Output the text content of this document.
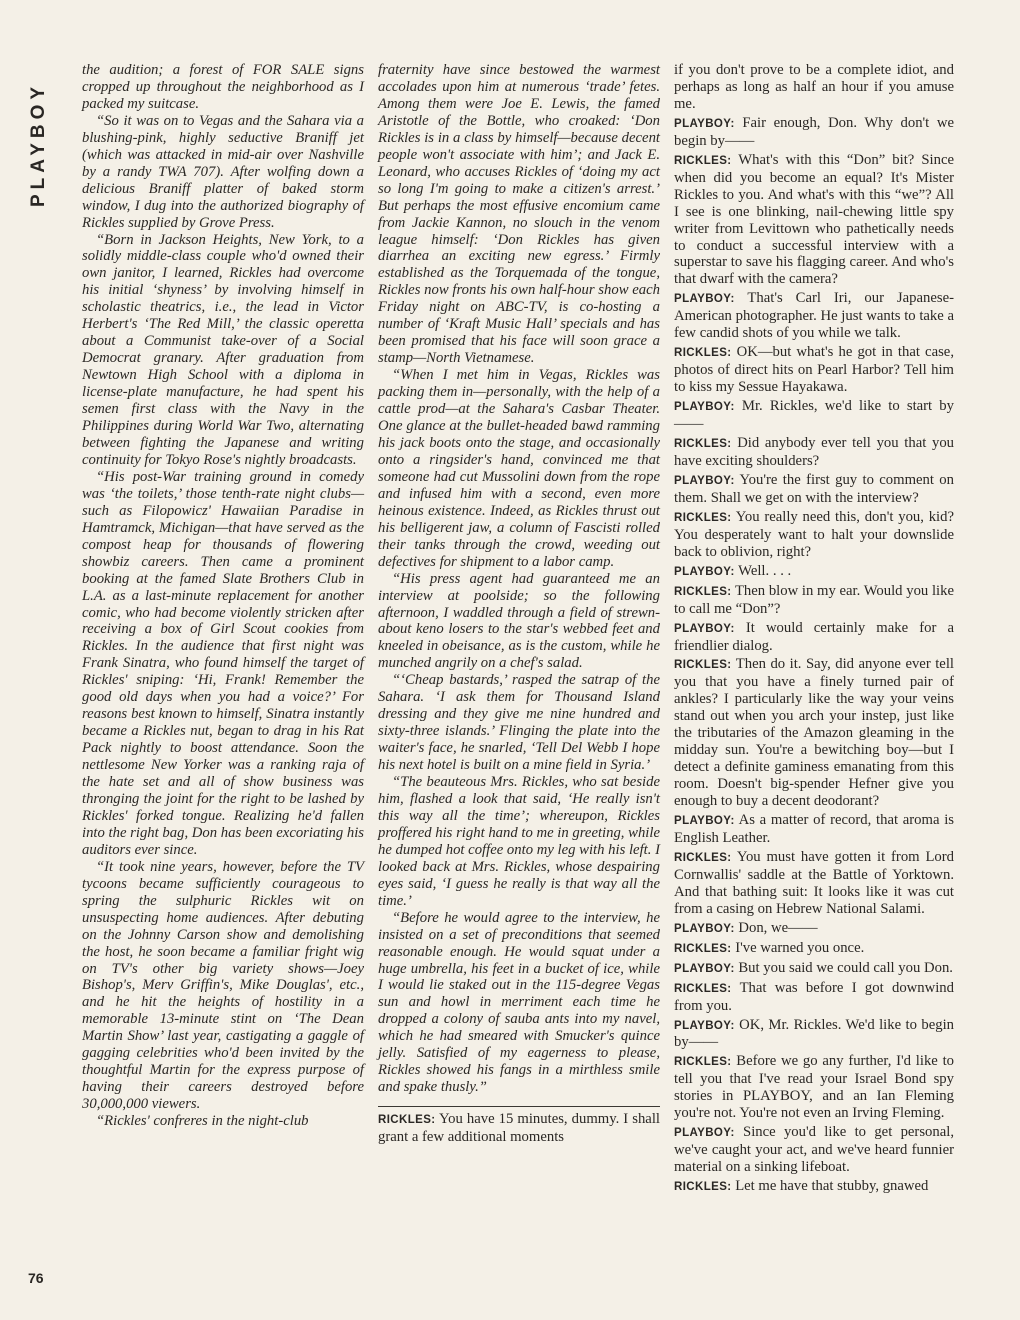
PLAYBOY

the audition; a forest of FOR SALE signs cropped up throughout the neighborhood as I packed my suitcase.

“So it was on to Vegas and the Sahara via a blushing-pink, highly seductive Braniff jet (which was attacked in mid-air over Nashville by a randy TWA 707). After wolfing down a delicious Braniff platter of baked storm window, I dug into the authorized biography of Rickles supplied by Grove Press.

“Born in Jackson Heights, New York, to a solidly middle-class couple who'd owned their own janitor, I learned, Rickles had overcome his initial ‘shyness’ by involving himself in scholastic theatrics, i.e., the lead in Victor Herbert's ‘The Red Mill,’ the classic operetta about a Communist take-over of a Social Democrat granary. After graduation from Newtown High School with a diploma in license-plate manufacture, he had spent his semen first class with the Navy in the Philippines during World War Two, alternating between fighting the Japanese and writing continuity for Tokyo Rose's nightly broadcasts.

“His post-War training ground in comedy was ‘the toilets,’ those tenth-rate night clubs—such as Filopowicz' Hawaiian Paradise in Hamtramck, Michigan—that have served as the compost heap for thousands of flowering showbiz careers. Then came a prominent booking at the famed Slate Brothers Club in L.A. as a last-minute replacement for another comic, who had become violently stricken after receiving a box of Girl Scout cookies from Rickles. In the audience that first night was Frank Sinatra, who found himself the target of Rickles' sniping: ‘Hi, Frank! Remember the good old days when you had a voice?’ For reasons best known to himself, Sinatra instantly became a Rickles nut, began to drag in his Rat Pack nightly to boost attendance. Soon the nettlesome New Yorker was a ranking raja of the hate set and all of show business was thronging the joint for the right to be lashed by Rickles' forked tongue. Realizing he'd fallen into the right bag, Don has been excoriating his auditors ever since.

“It took nine years, however, before the TV tycoons became sufficiently courageous to spring the sulphuric Rickles wit on unsuspecting home audiences. After debuting on the Johnny Carson show and demolishing the host, he soon became a familiar fright wig on TV's other big variety shows—Joey Bishop's, Merv Griffin's, Mike Douglas', etc., and he hit the heights of hostility in a memorable 13-minute stint on ‘The Dean Martin Show’ last year, castigating a gaggle of gagging celebrities who'd been invited by the thoughtful Martin for the express purpose of having their careers destroyed before 30,000,000 viewers.

“Rickles' confreres in the night-club

fraternity have since bestowed the warmest accolades upon him at numerous ‘trade’ fetes. Among them were Joe E. Lewis, the famed Aristotle of the Bottle, who croaked: ‘Don Rickles is in a class by himself—because decent people won't associate with him’; and Jack E. Leonard, who accuses Rickles of ‘doing my act so long I'm going to make a citizen's arrest.’ But perhaps the most effusive encomium came from Jackie Kannon, no slouch in the venom league himself: ‘Don Rickles has given diarrhea an exciting new egress.’ Firmly established as the Torquemada of the tongue, Rickles now fronts his own half-hour show each Friday night on ABC-TV, is co-hosting a number of ‘Kraft Music Hall’ specials and has been promised that his face will soon grace a stamp—North Vietnamese.

“When I met him in Vegas, Rickles was packing them in—personally, with the help of a cattle prod—at the Sahara's Casbar Theater. One glance at the bullet-headed bawd ramming his jack boots onto the stage, and occasionally onto a ringsider's hand, convinced me that someone had cut Mussolini down from the rope and infused him with a second, even more heinous existence. Indeed, as Rickles thrust out his belligerent jaw, a column of Fascisti rolled their tanks through the crowd, weeding out defectives for shipment to a labor camp.

“His press agent had guaranteed me an interview at poolside; so the following afternoon, I waddled through a field of strewn-about keno losers to the star's webbed feet and kneeled in obeisance, as is the custom, while he munched angrily on a chef's salad.

“‘Cheap bastards,’ rasped the satrap of the Sahara. ‘I ask them for Thousand Island dressing and they give me nine hundred and sixty-three islands.’ Flinging the plate into the waiter's face, he snarled, ‘Tell Del Webb I hope his next hotel is built on a mine field in Syria.’

“The beauteous Mrs. Rickles, who sat beside him, flashed a look that said, ‘He really isn't this way all the time’; whereupon, Rickles proffered his right hand to me in greeting, while he dumped hot coffee onto my leg with his left. I looked back at Mrs. Rickles, whose despairing eyes said, ‘I guess he really is that way all the time.’

“Before he would agree to the interview, he insisted on a set of preconditions that seemed reasonable enough. He would squat under a huge umbrella, his feet in a bucket of ice, while I would lie staked out in the 115-degree Vegas sun and howl in merriment each time he dropped a colony of sauba ants into my navel, which he had smeared with Smucker's quince jelly. Satisfied of my eagerness to please, Rickles showed his fangs in a mirthless smile and spake thusly.”

RICKLES: You have 15 minutes, dummy. I shall grant a few additional moments

if you don't prove to be a complete idiot, and perhaps as long as half an hour if you amuse me.

PLAYBOY: Fair enough, Don. Why don't we begin by——

RICKLES: What's with this “Don” bit? Since when did you become an equal? It's Mister Rickles to you. And what's with this “we”? All I see is one blinking, nail-chewing little spy writer from Levittown who pathetically needs to conduct a successful interview with a superstar to save his flagging career. And who's that dwarf with the camera?

PLAYBOY: That's Carl Iri, our Japanese-American photographer. He just wants to take a few candid shots of you while we talk.

RICKLES: OK—but what's he got in that case, photos of direct hits on Pearl Harbor? Tell him to kiss my Sessue Hayakawa.

PLAYBOY: Mr. Rickles, we'd like to start by——

RICKLES: Did anybody ever tell you that you have exciting shoulders?

PLAYBOY: You're the first guy to comment on them. Shall we get on with the interview?

RICKLES: You really need this, don't you, kid? You desperately want to halt your downslide back to oblivion, right?

PLAYBOY: Well. . . .

RICKLES: Then blow in my ear. Would you like to call me “Don”?

PLAYBOY: It would certainly make for a friendlier dialog.

RICKLES: Then do it. Say, did anyone ever tell you that you have a finely turned pair of ankles? I particularly like the way your veins stand out when you arch your instep, just like the tributaries of the Amazon gleaming in the midday sun. You're a bewitching boy—but I detect a definite gaminess emanating from this room. Doesn't big-spender Hefner give you enough to buy a decent deodorant?

PLAYBOY: As a matter of record, that aroma is English Leather.

RICKLES: You must have gotten it from Lord Cornwallis' saddle at the Battle of Yorktown. And that bathing suit: It looks like it was cut from a casing on Hebrew National Salami.

PLAYBOY: Don, we——

RICKLES: I've warned you once.

PLAYBOY: But you said we could call you Don.

RICKLES: That was before I got downwind from you.

PLAYBOY: OK, Mr. Rickles. We'd like to begin by——

RICKLES: Before we go any further, I'd like to tell you that I've read your Israel Bond spy stories in PLAYBOY, and an Ian Fleming you're not. You're not even an Irving Fleming.

PLAYBOY: Since you'd like to get personal, we've caught your act, and we've heard funnier material on a sinking lifeboat.

RICKLES: Let me have that stubby, gnawed

76
